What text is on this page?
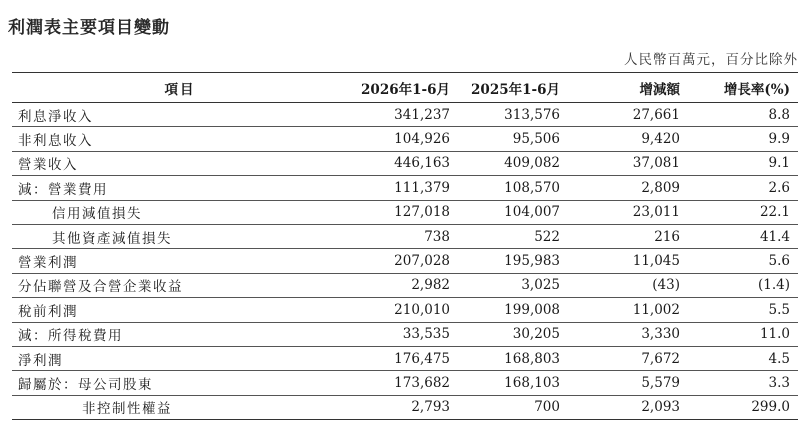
利潤表主要項目變動
人民幣百萬元，百分比除外
項目	2026年1-6月	2025年1-6月	增減額	增長率(%)
利息淨收入	341,237	313,576	27,661	8.8
非利息收入	104,926	95,506	9,420	9.9
營業收入	446,163	409,082	37,081	9.1
減：營業費用	111,379	108,570	2,809	2.6
信用減值損失	127,018	104,007	23,011	22.1
其他資產減值損失	738	522	216	41.4
營業利潤	207,028	195,983	11,045	5.6
分佔聯營及合營企業收益	2,982	3,025	(43)	(1.4)
稅前利潤	210,010	199,008	11,002	5.5
減：所得稅費用	33,535	30,205	3,330	11.0
淨利潤	176,475	168,803	7,672	4.5
歸屬於：母公司股東	173,682	168,103	5,579	3.3
非控制性權益	2,793	700	2,093	299.0
